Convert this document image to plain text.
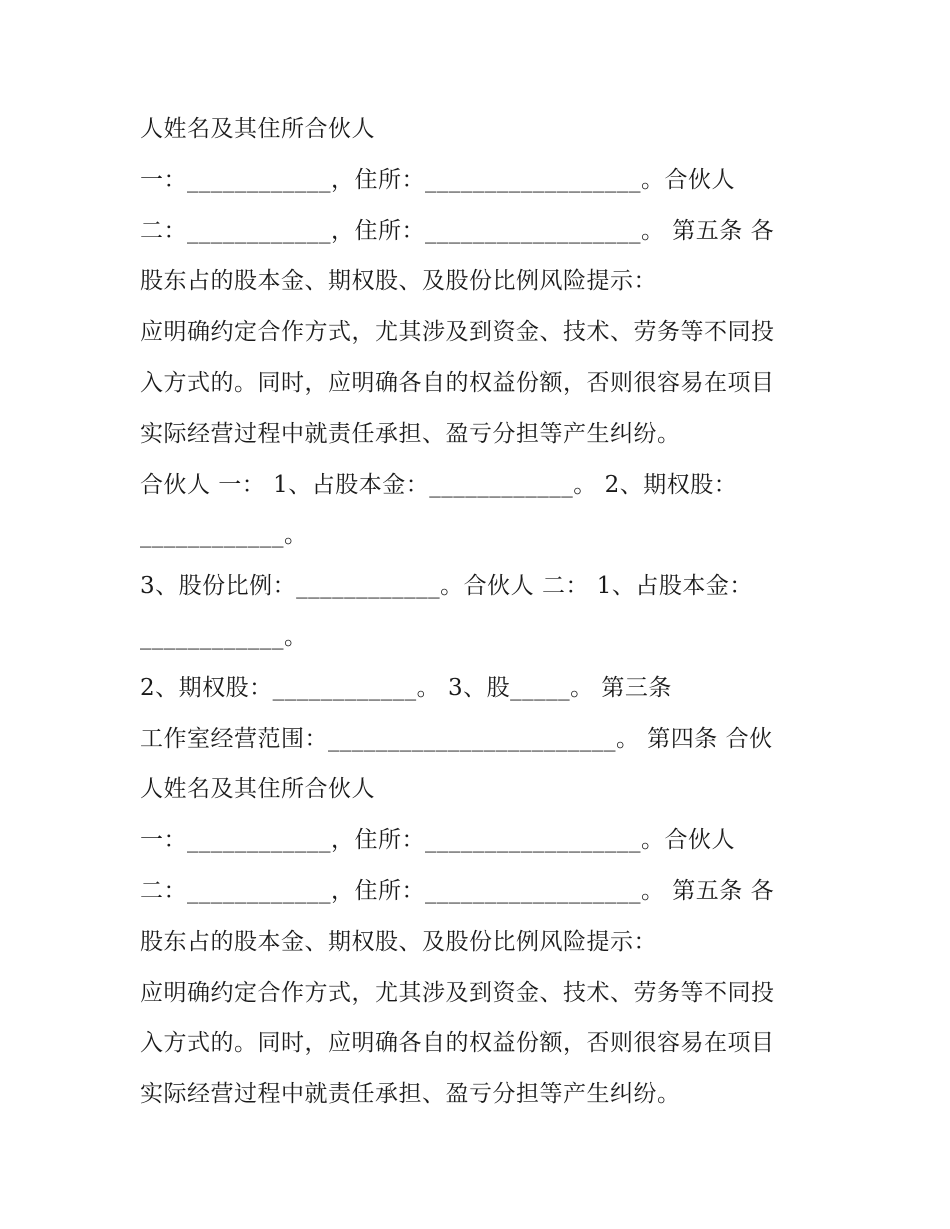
人姓名及其住所合伙人
一：____________，住所：__________________。合伙人
二：____________，住所：__________________。 第五条 各
股东占的股本金、期权股、及股份比例风险提示：
应明确约定合作方式，尤其涉及到资金、技术、劳务等不同投
入方式的。同时，应明确各自的权益份额，否则很容易在项目
实际经营过程中就责任承担、盈亏分担等产生纠纷。
合伙人 一： 1、占股本金：____________。 2、期权股：
____________。
3、股份比例：____________。合伙人 二： 1、占股本金：
____________。
2、期权股：____________。 3、股_____。 第三条
工作室经营范围：________________________。 第四条 合伙
人姓名及其住所合伙人
一：____________，住所：__________________。合伙人
二：____________，住所：__________________。 第五条 各
股东占的股本金、期权股、及股份比例风险提示：
应明确约定合作方式，尤其涉及到资金、技术、劳务等不同投
入方式的。同时，应明确各自的权益份额，否则很容易在项目
实际经营过程中就责任承担、盈亏分担等产生纠纷。
